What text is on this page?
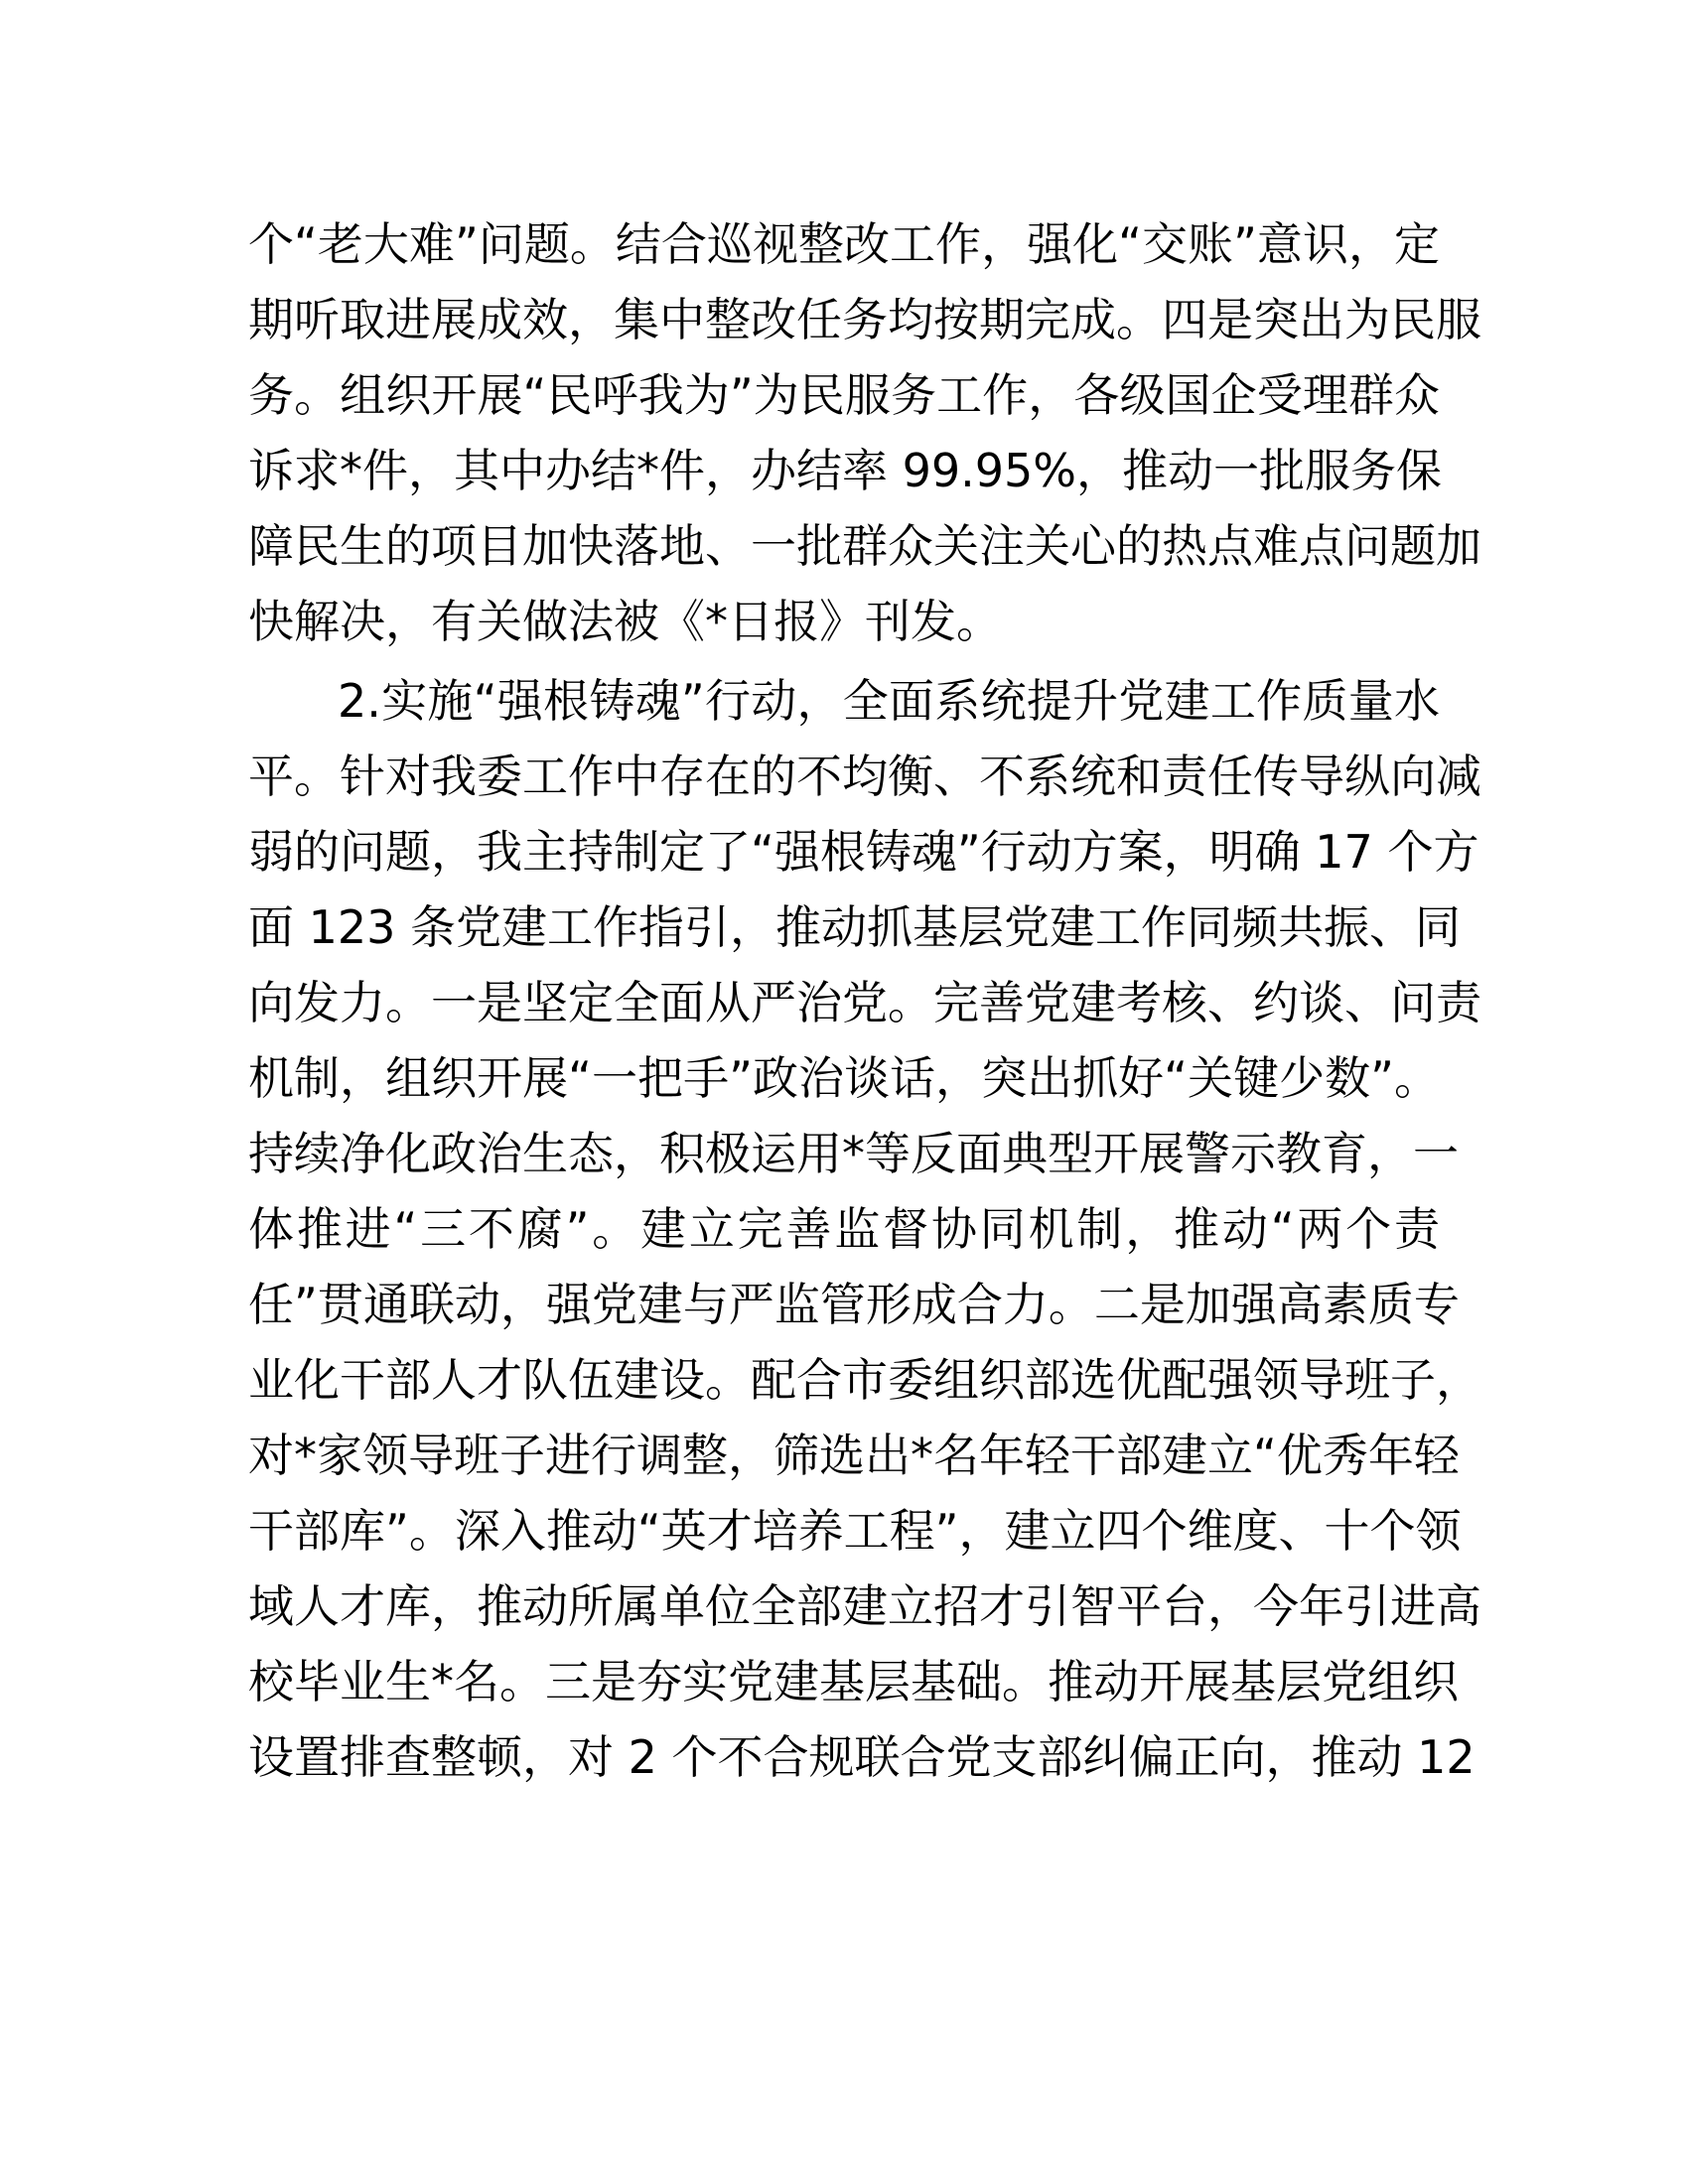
个“老大难”问题。结合巡视整改工作，强化“交账”意识，定

期听取进展成效，集中整改任务均按期完成。四是突出为民服

务。组织开展“民呼我为”为民服务工作，各级国企受理群众

诉求*件，其中办结*件，办结率 99.95%，推动一批服务保

障民生的项目加快落地、一批群众关注关心的热点难点问题加

快解决，有关做法被《*日报》刊发。

2.实施“强根铸魂”行动，全面系统提升党建工作质量水

平。针对我委工作中存在的不均衡、不系统和责任传导纵向减

弱的问题，我主持制定了“强根铸魂”行动方案，明确 17 个方

面 123 条党建工作指引，推动抓基层党建工作同频共振、同

向发力。一是坚定全面从严治党。完善党建考核、约谈、问责

机制，组织开展“一把手”政治谈话，突出抓好“关键少数”。

持续净化政治生态，积极运用*等反面典型开展警示教育，一

体推进“三不腐”。建立完善监督协同机制，推动“两个责

任”贯通联动，强党建与严监管形成合力。二是加强高素质专

业化干部人才队伍建设。配合市委组织部选优配强领导班子，

对*家领导班子进行调整，筛选出*名年轻干部建立“优秀年轻

干部库”。深入推动“英才培养工程”，建立四个维度、十个领

域人才库，推动所属单位全部建立招才引智平台，今年引进高

校毕业生*名。三是夯实党建基层基础。推动开展基层党组织

设置排查整顿，对 2 个不合规联合党支部纠偏正向，推动 12
